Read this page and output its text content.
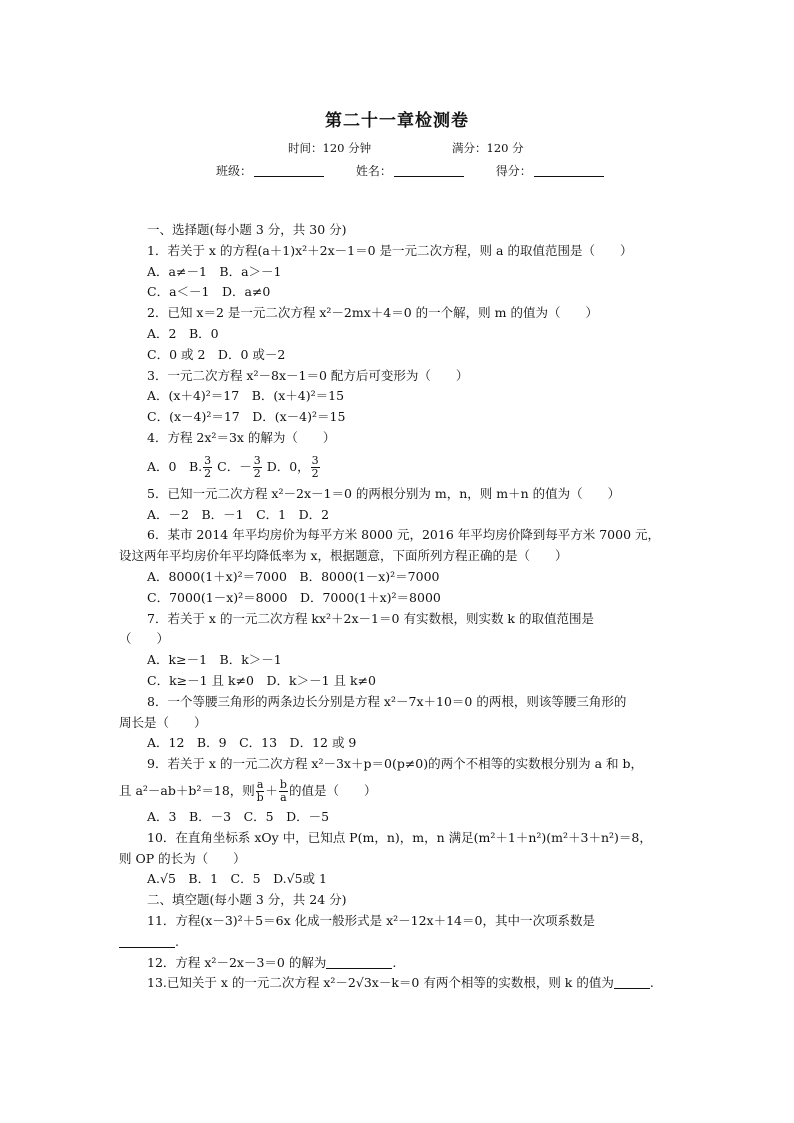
第二十一章检测卷
时间：120 分钟	满分：120 分
班级：	姓名：	得分：
一、选择题(每小题 3 分，共 30 分)
1．若关于 x 的方程(a＋1)x²＋2x－1＝0 是一元二次方程，则 a 的取值范围是（　　）
A．a≠－1　B．a＞－1
C．a＜－1　D．a≠0
2．已知 x＝2 是一元二次方程 x²－2mx＋4＝0 的一个解，则 m 的值为（　　）
A．2　B．0
C．0 或 2　D．0 或－2
3．一元二次方程 x²－8x－1＝0 配方后可变形为（　　）
A．(x＋4)²＝17　B．(x＋4)²＝15
C．(x－4)²＝17　D．(x－4)²＝15
4．方程 2x²＝3x 的解为（　　）
A．0　B. $\frac{3}{2}$ C．－ $\frac{3}{2}$ D．0， $\frac{3}{2}$
5．已知一元二次方程 x²－2x－1＝0 的两根分别为 m，n，则 m＋n 的值为（　　）
A．－2　B．－1　C．1　D．2
6．某市 2014 年平均房价为每平方米 8000 元，2016 年平均房价降到每平方米 7000 元，
设这两年平均房价年平均降低率为 x，根据题意，下面所列方程正确的是（　　）
A．8000(1＋x)²＝7000　B．8000(1－x)²＝7000
C．7000(1－x)²＝8000　D．7000(1＋x)²＝8000
7．若关于 x 的一元二次方程 kx²＋2x－1＝0 有实数根，则实数 k 的取值范围是
（　　）
A．k≥－1　B．k＞－1
C．k≥－1 且 k≠0　D．k＞－1 且 k≠0
8．一个等腰三角形的两条边长分别是方程 x²－7x＋10＝0 的两根，则该等腰三角形的
周长是（　　）
A．12　B．9　C．13　D．12 或 9
9．若关于 x 的一元二次方程 x²－3x＋p＝0(p≠0)的两个不相等的实数根分别为 a 和 b，
且 a²－ab＋b²＝18，则 $\frac{a}{b} + \frac{b}{a}$ 的值是（　　）
A．3　B．－3　C．5　D．－5
10．在直角坐标系 xOy 中，已知点 P(m，n)，m，n 满足(m²＋1＋n²)(m²＋3＋n²)＝8，
则 OP 的长为（　　）
A.√5　B．1　C．5　D.√5或 1
二、填空题(每小题 3 分，共 24 分)
11．方程(x－3)²＋5＝6x 化成一般形式是 x²－12x＋14＝0，其中一次项系数是
.
12．方程 x²－2x－3＝0 的解为	.
13.已知关于 x 的一元二次方程 x²－2√3x－k＝0 有两个相等的实数根，则 k 的值为	.
